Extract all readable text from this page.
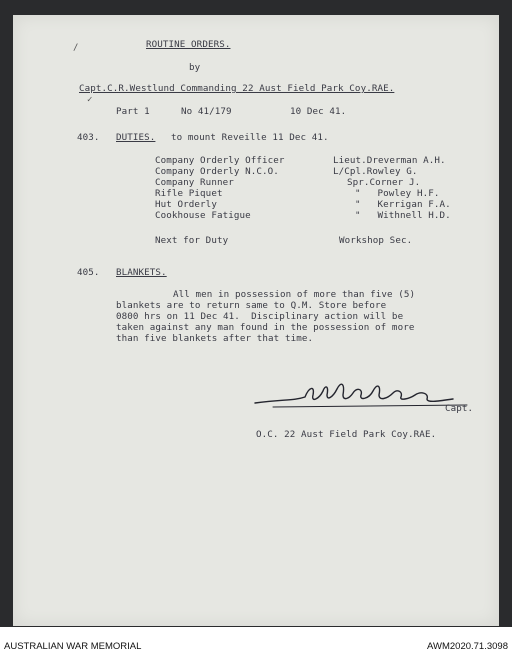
/
✓
ROUTINE ORDERS.
by
Capt.C.R.Westlund Commanding 22 Aust Field Park Coy.RAE.
Part 1	No 41/179	10 Dec 41.
403. DUTIES. to mount Reveille 11 Dec 41.
Company Orderly Officer	Lieut.Dreverman A.H.
Company Orderly N.C.O.	L/Cpl.Rowley G.
Company Runner	Spr.Corner J.
Rifle Piquet	"   Powley H.F.
Hut Orderly	"   Kerrigan F.A.
Cookhouse Fatigue	"   Withnell H.D.
Next for Duty	Workshop Sec.
405. BLANKETS.
All men in possession of more than five (5)
blankets are to return same to Q.M. Store before
0800 hrs on 11 Dec 41.  Disciplinary action will be
taken against any man found in the possession of more
than five blankets after that time.
Capt.
O.C. 22 Aust Field Park Coy.RAE.
AUSTRALIAN WAR MEMORIAL	AWM2020.71.3098
